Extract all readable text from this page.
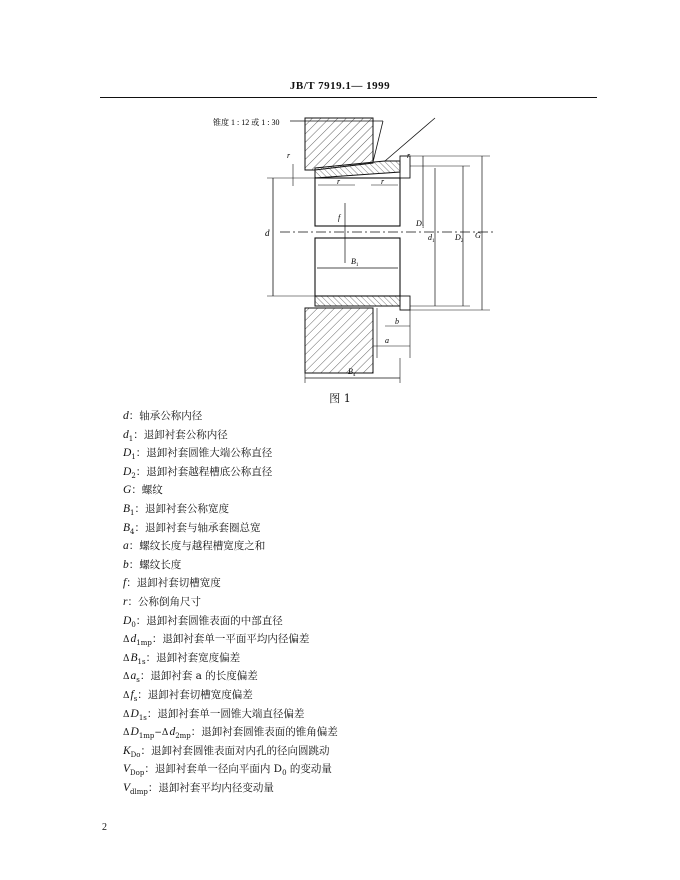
JB/T 7919.1— 1999
锥度 1 : 12 或 1 : 30
d
r
r	r
r
f
$B_1$
$D_1$
$d_1$	$D_2$
G
b
a
$B_4$
图 1
d：轴承公称内径
$d_1$：退卸衬套公称内径
$D_1$：退卸衬套圆锥大端公称直径
$D_2$：退卸衬套越程槽底公称直径
G：螺纹
$B_1$：退卸衬套公称宽度
$B_4$：退卸衬套与轴承套圈总宽
a：螺纹长度与越程槽宽度之和
b：螺纹长度
f：退卸衬套切槽宽度
r：公称倒角尺寸
$D_0$：退卸衬套圆锥表面的中部直径
$\Delta d_{1mp}$：退卸衬套单一平面平均内径偏差
$\Delta B_{1s}$：退卸衬套宽度偏差
$\Delta a_s$：退卸衬套 a 的长度偏差
$\Delta f_s$：退卸衬套切槽宽度偏差
$\Delta D_{1s}$：退卸衬套单一圆锥大端直径偏差
$\Delta D_{1mp}-\Delta d_{2mp}$：退卸衬套圆锥表面的锥角偏差
$K_{Do}$：退卸衬套圆锥表面对内孔的径向圆跳动
$V_{Dop}$：退卸衬套单一径向平面内 $D_0$ 的变动量
$V_{dlmp}$：退卸衬套平均内径变动量
2
